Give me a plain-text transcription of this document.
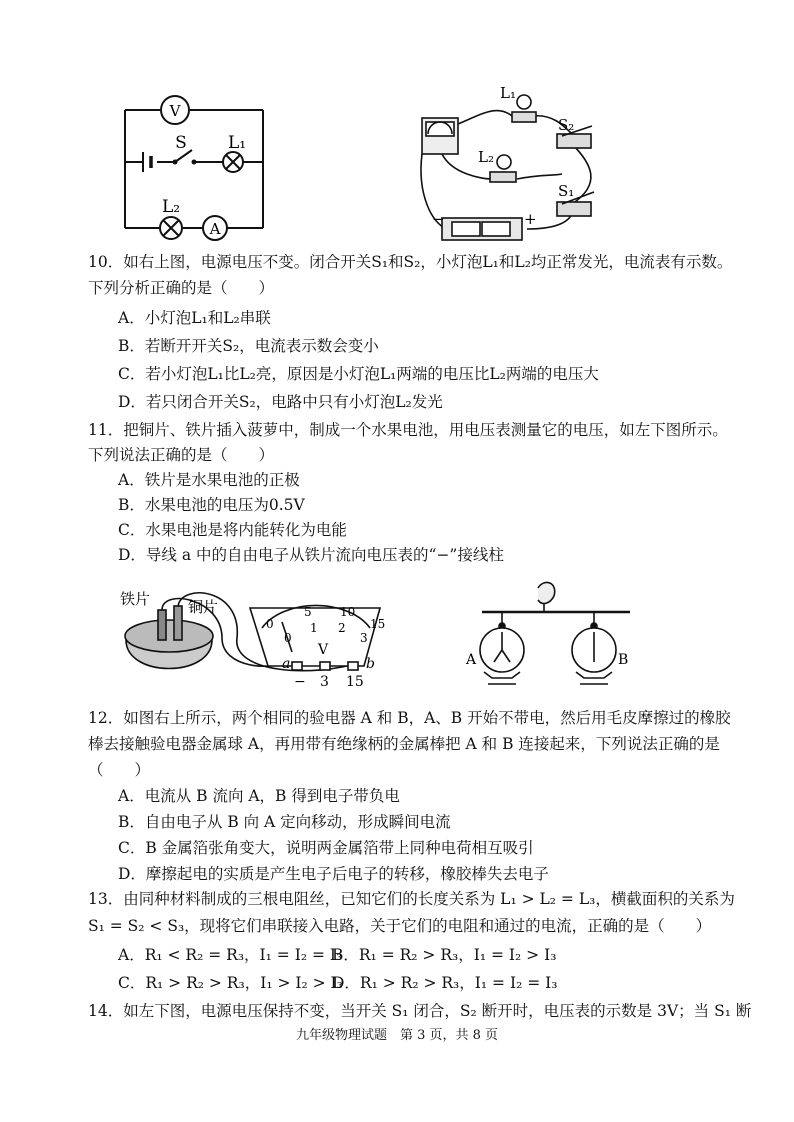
V
S L₁
L₂
A
L₁
L₂
S₂
S₁
−	+
10．如右上图，电源电压不变。闭合开关S₁和S₂，小灯泡L₁和L₂均正常发光，电流表有示数。
下列分析正确的是（　　）
A．小灯泡L₁和L₂串联
B．若断开开关S₂，电流表示数会变小
C．若小灯泡L₁比L₂亮，原因是小灯泡L₁两端的电压比L₂两端的电压大
D．若只闭合开关S₂，电路中只有小灯泡L₂发光
11．把铜片、铁片插入菠萝中，制成一个水果电池，用电压表测量它的电压，如左下图所示。
下列说法正确的是（　　）
A．铁片是水果电池的正极
B．水果电池的电压为0.5V
C．水果电池是将内能转化为电能
D．导线 a 中的自由电子从铁片流向电压表的“−”接线柱
铁片	铜片
0
5 10
15
0
1 2
3
V
a
− 3 15
b	A	B
12．如图右上所示，两个相同的验电器 A 和 B，A、B 开始不带电，然后用毛皮摩擦过的橡胶
棒去接触验电器金属球 A，再用带有绝缘柄的金属棒把 A 和 B 连接起来，下列说法正确的是
（　　）
A．电流从 B 流向 A，B 得到电子带负电
B．自由电子从 B 向 A 定向移动，形成瞬间电流
C．B 金属箔张角变大，说明两金属箔带上同种电荷相互吸引
D．摩擦起电的实质是产生电子后电子的转移，橡胶棒失去电子
13．由同种材料制成的三根电阻丝，已知它们的长度关系为 L₁ > L₂ = L₃，横截面积的关系为
S₁ = S₂ < S₃，现将它们串联接入电路，关于它们的电阻和通过的电流，正确的是（　　）
A．R₁ < R₂ = R₃，I₁ = I₂ = I₃
B．R₁ = R₂ > R₃，I₁ = I₂ > I₃
C．R₁ > R₂ > R₃，I₁ > I₂ > I₃
D．R₁ > R₂ > R₃，I₁ = I₂ = I₃
14．如左下图，电源电压保持不变，当开关 S₁ 闭合，S₂ 断开时，电压表的示数是 3V；当 S₁ 断
九年级物理试题　第 3 页，共 8 页
